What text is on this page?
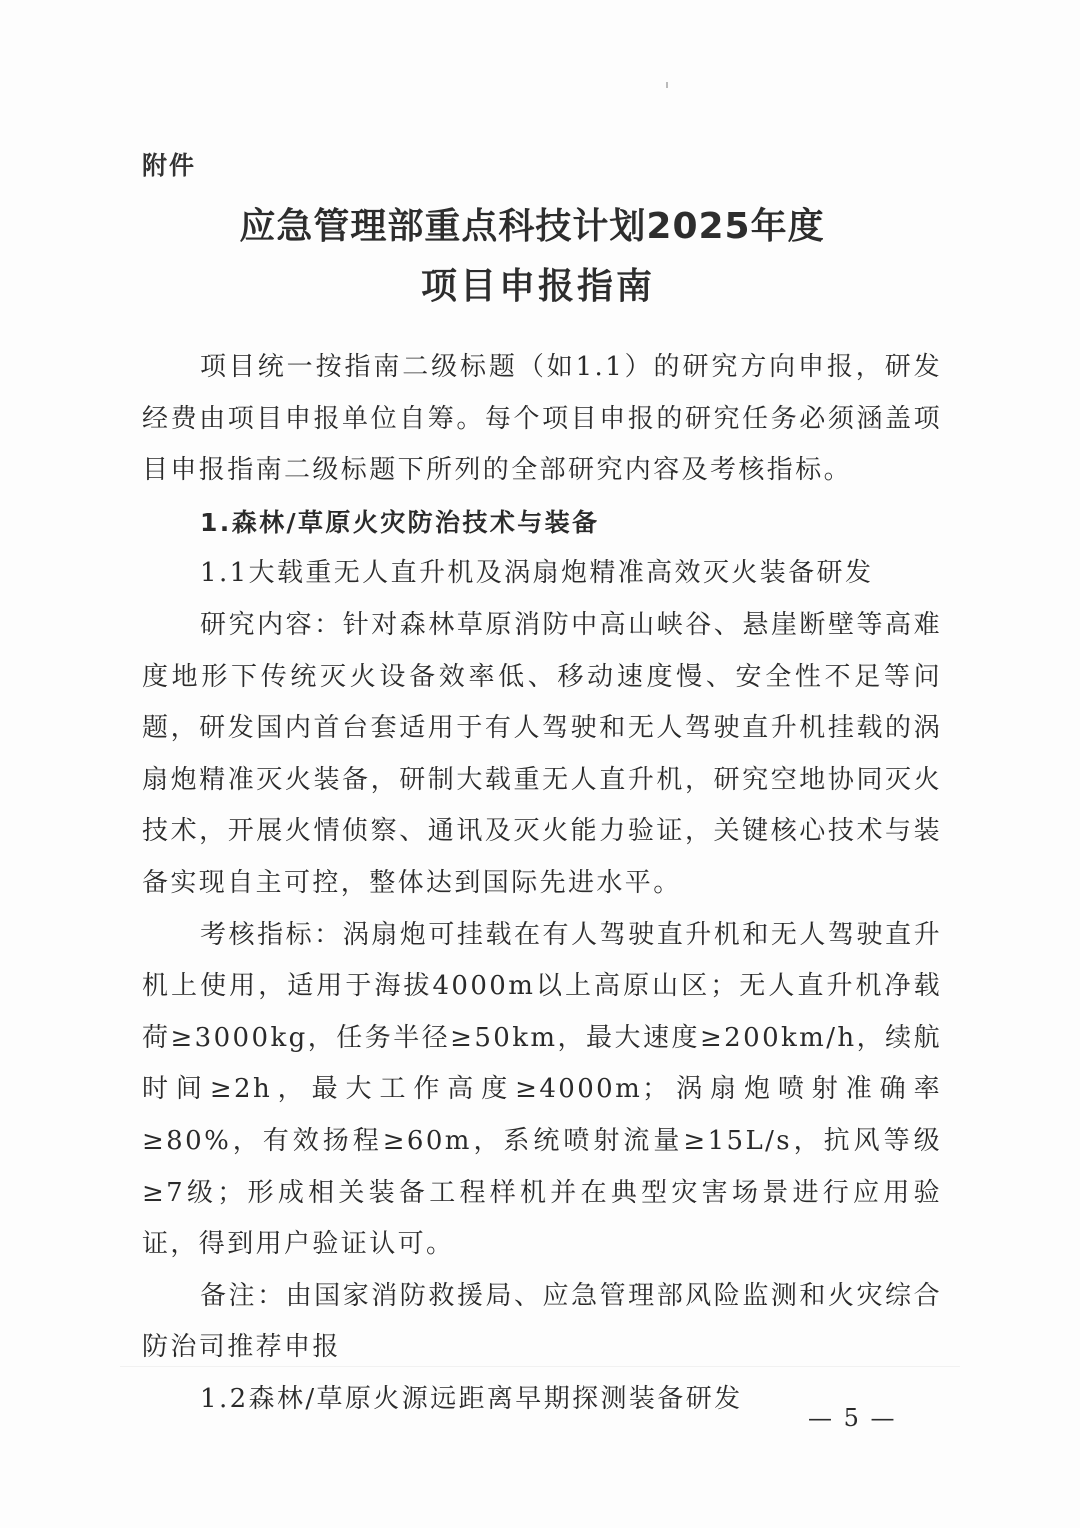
附件
应急管理部重点科技计划2025年度
项目申报指南

项目统一按指南二级标题（如1.1）的研究方向申报，研发经费由项目申报单位自筹。每个项目申报的研究任务必须涵盖项目申报指南二级标题下所列的全部研究内容及考核指标。

1.森林/草原火灾防治技术与装备

1.1大载重无人直升机及涡扇炮精准高效灭火装备研发

研究内容：针对森林草原消防中高山峡谷、悬崖断壁等高难度地形下传统灭火设备效率低、移动速度慢、安全性不足等问题，研发国内首台套适用于有人驾驶和无人驾驶直升机挂载的涡扇炮精准灭火装备，研制大载重无人直升机，研究空地协同灭火技术，开展火情侦察、通讯及灭火能力验证，关键核心技术与装备实现自主可控，整体达到国际先进水平。

考核指标：涡扇炮可挂载在有人驾驶直升机和无人驾驶直升机上使用，适用于海拔4000m以上高原山区；无人直升机净载荷≥3000kg，任务半径≥50km，最大速度≥200km/h，续航时间≥2h，最大工作高度≥4000m；涡扇炮喷射准确率≥80%，有效扬程≥60m，系统喷射流量≥15L/s，抗风等级≥7级；形成相关装备工程样机并在典型灾害场景进行应用验证，得到用户验证认可。

备注：由国家消防救援局、应急管理部风险监测和火灾综合防治司推荐申报

1.2森林/草原火源远距离早期探测装备研发

— 5 —
